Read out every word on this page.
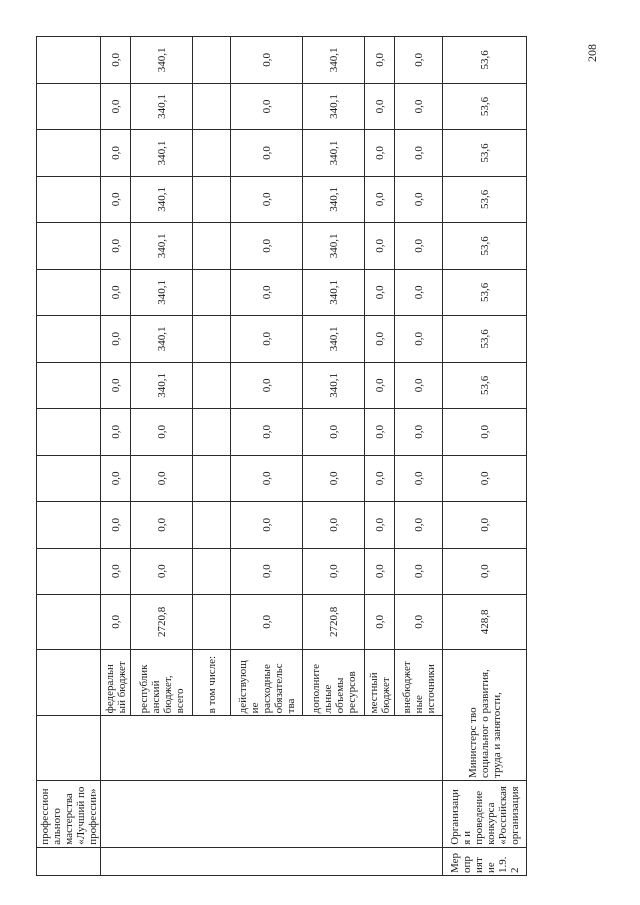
208
	профессион ального мастерства «Лучший по профессии»															
			федеральн ый бюджет	0,0	0,0	0,0	0,0	0,0	0,0	0,0	0,0	0,0	0,0	0,0	0,0	0,0
			республик анский бюджет, всего	2720,8	0,0	0,0	0,0	0,0	340,1	340,1	340,1	340,1	340,1	340,1	340,1	340,1
			в том числе:													
			действующ ие расходные обязательс тва	0,0	0,0	0,0	0,0	0,0	0,0	0,0	0,0	0,0	0,0	0,0	0,0	0,0
			дополните льные объемы ресурсов	2720,8	0,0	0,0	0,0	0,0	340,1	340,1	340,1	340,1	340,1	340,1	340,1	340,1
			местный бюджет	0,0	0,0	0,0	0,0	0,0	0,0	0,0	0,0	0,0	0,0	0,0	0,0	0,0
			внебюджет ные источники	0,0	0,0	0,0	0,0	0,0	0,0	0,0	0,0	0,0	0,0	0,0	0,0	0,0
Мер опр ият ие 1.9. 2	Организаци я и проведение конкурса «Российская организация	Министерс тво социальног о развития, труда и занятости,		428,8	0,0	0,0	0,0	0,0	53,6	53,6	53,6	53,6	53,6	53,6	53,6	53,6
